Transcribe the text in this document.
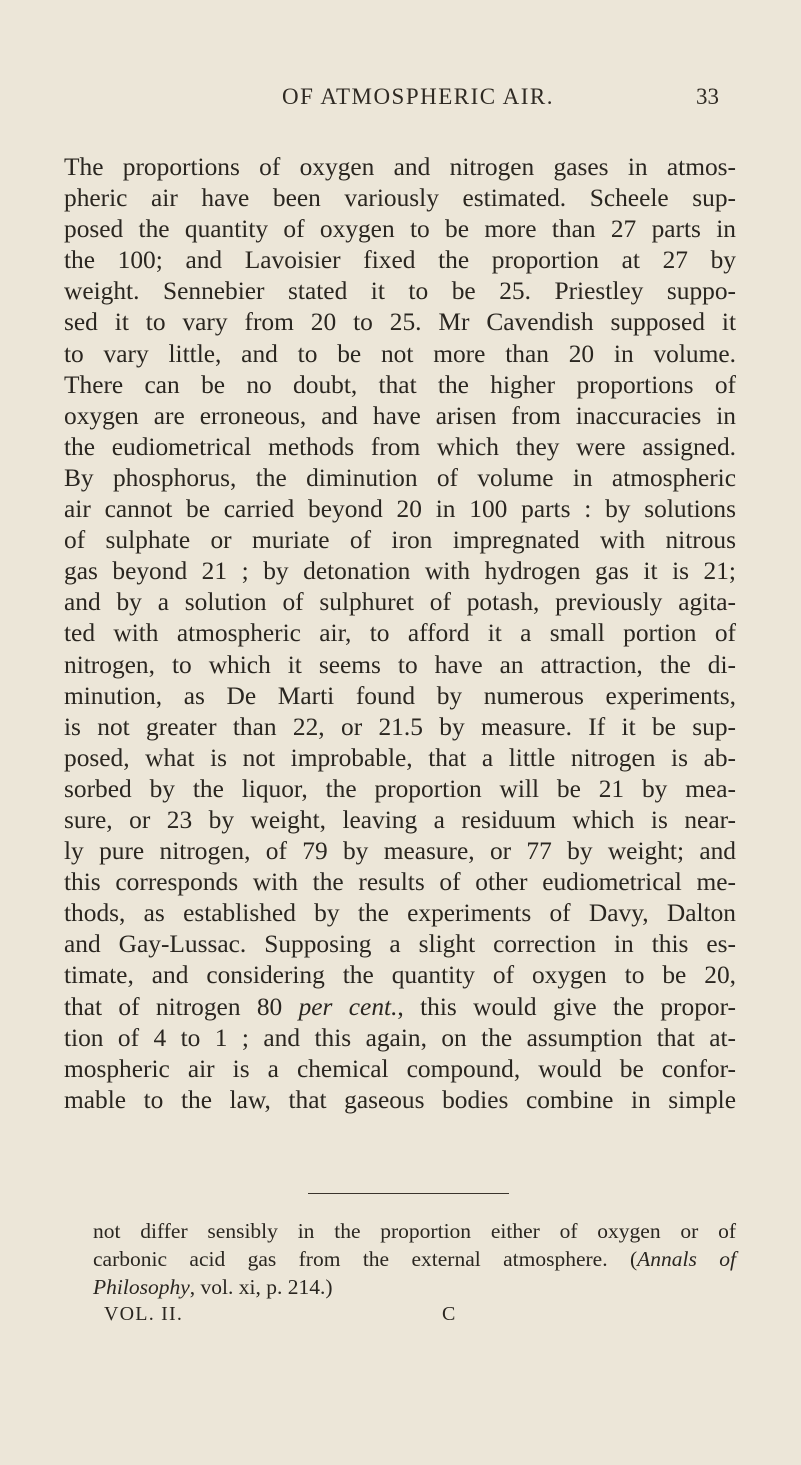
OF ATMOSPHERIC AIR.	33
The proportions of oxygen and nitrogen gases in atmos-
pheric air have been variously estimated. Scheele sup-
posed the quantity of oxygen to be more than 27 parts in
the 100; and Lavoisier fixed the proportion at 27 by
weight. Sennebier stated it to be 25. Priestley suppo-
sed it to vary from 20 to 25. Mr Cavendish supposed it
to vary little, and to be not more than 20 in volume.
There can be no doubt, that the higher proportions of
oxygen are erroneous, and have arisen from inaccuracies in
the eudiometrical methods from which they were assigned.
By phosphorus, the diminution of volume in atmospheric
air cannot be carried beyond 20 in 100 parts : by solutions
of sulphate or muriate of iron impregnated with nitrous
gas beyond 21 ; by detonation with hydrogen gas it is 21;
and by a solution of sulphuret of potash, previously agita-
ted with atmospheric air, to afford it a small portion of
nitrogen, to which it seems to have an attraction, the di-
minution, as De Marti found by numerous experiments,
is not greater than 22, or 21.5 by measure. If it be sup-
posed, what is not improbable, that a little nitrogen is ab-
sorbed by the liquor, the proportion will be 21 by mea-
sure, or 23 by weight, leaving a residuum which is near-
ly pure nitrogen, of 79 by measure, or 77 by weight; and
this corresponds with the results of other eudiometrical me-
thods, as established by the experiments of Davy, Dalton
and Gay-Lussac. Supposing a slight correction in this es-
timate, and considering the quantity of oxygen to be 20,
that of nitrogen 80 per cent., this would give the propor-
tion of 4 to 1 ; and this again, on the assumption that at-
mospheric air is a chemical compound, would be confor-
mable to the law, that gaseous bodies combine in simple
not differ sensibly in the proportion either of oxygen or of
carbonic acid gas from the external atmosphere. (Annals of
Philosophy, vol. xi, p. 214.)
VOL. II.	C
